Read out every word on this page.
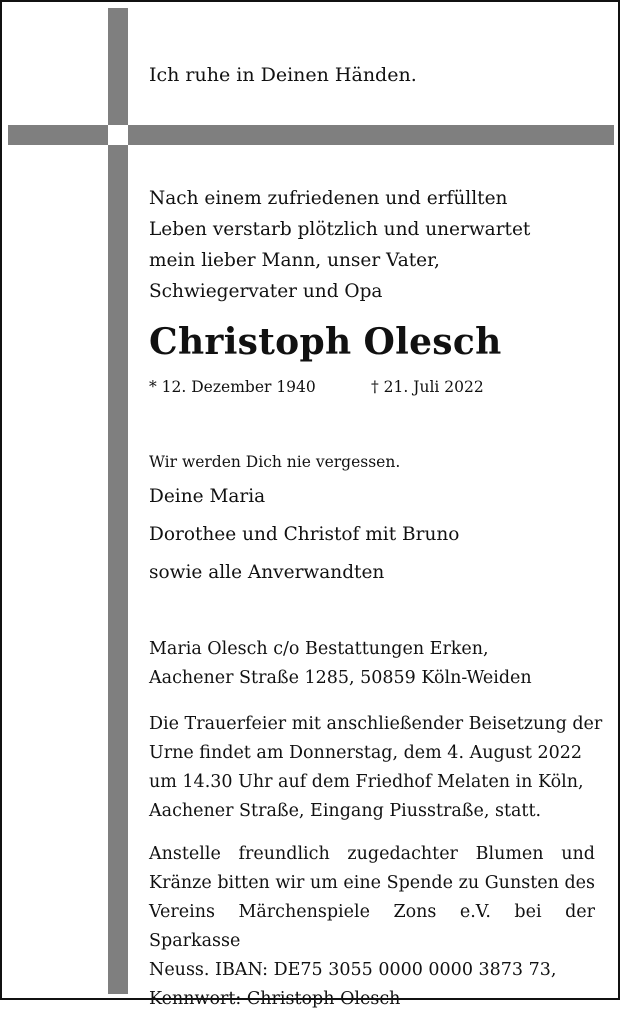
Ich ruhe in Deinen Händen.
Nach einem zufriedenen und erfüllten
Leben verstarb plötzlich und unerwartet
mein lieber Mann, unser Vater,
Schwiegervater und Opa
Christoph Olesch
* 12. Dezember 1940	† 21. Juli 2022
Wir werden Dich nie vergessen.
Deine Maria
Dorothee und Christof mit Bruno
sowie alle Anverwandten
Maria Olesch c/o Bestattungen Erken,
Aachener Straße 1285, 50859 Köln-Weiden
Die Trauerfeier mit anschließender Beisetzung der
Urne findet am Donnerstag, dem 4. August 2022
um 14.30 Uhr auf dem Friedhof Melaten in Köln,
Aachener Straße, Eingang Piusstraße, statt.
Anstelle freundlich zugedachter Blumen und
Kränze bitten wir um eine Spende zu Gunsten des
Vereins Märchenspiele Zons e.V. bei der Sparkasse
Neuss. IBAN: DE75 3055 0000 0000 3873 73,
Kennwort: Christoph Olesch
